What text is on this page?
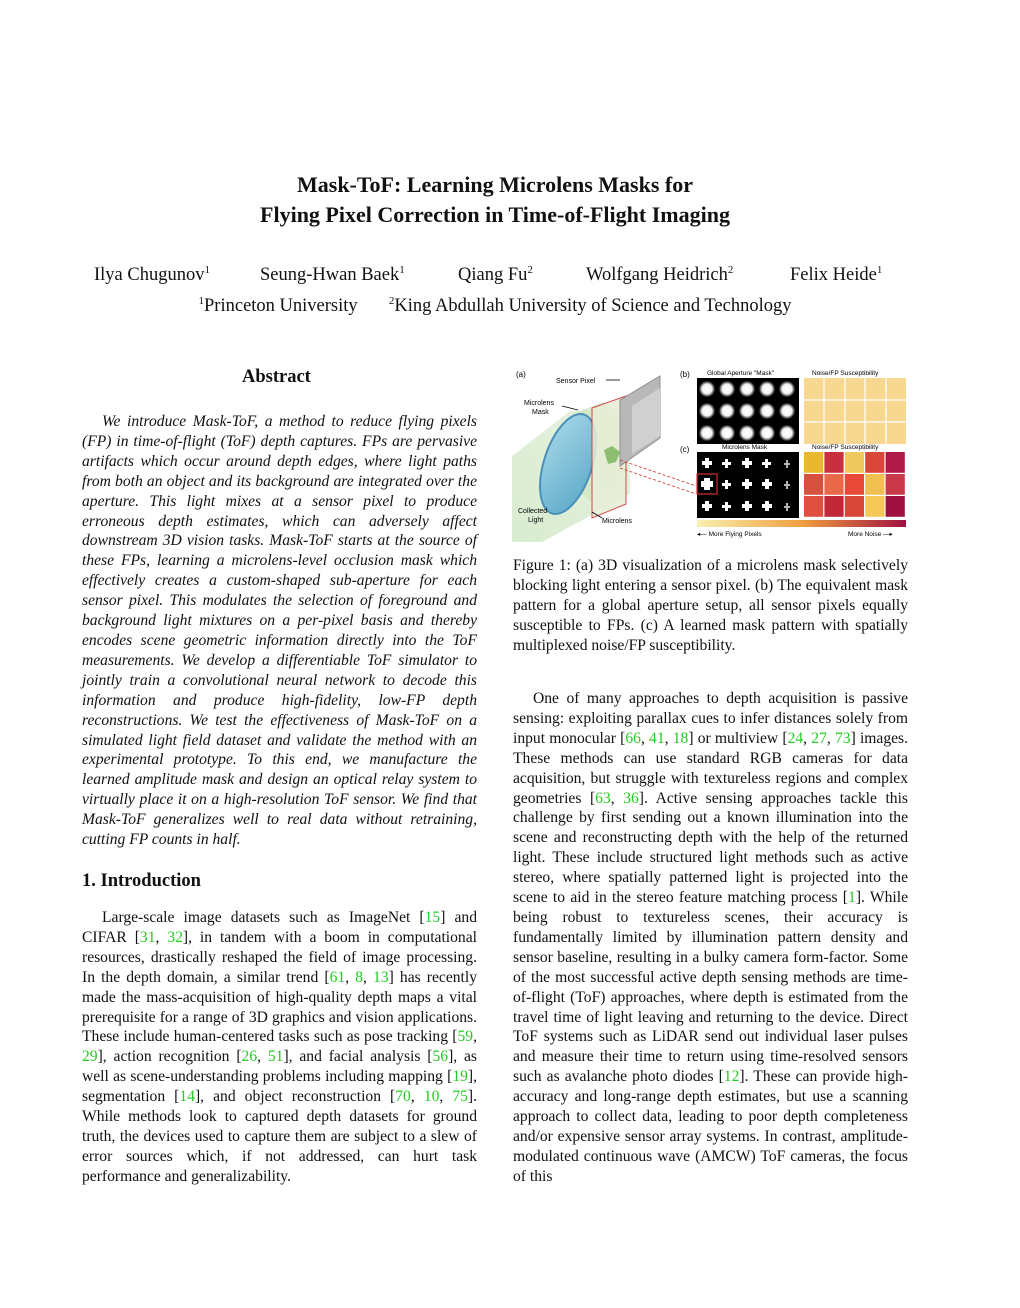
Mask-ToF: Learning Microlens Masks for
Flying Pixel Correction in Time-of-Flight Imaging
Ilya Chugunov$^1$	Seung-Hwan Baek$^1$	Qiang Fu$^2$	Wolfgang Heidrich$^2$	Felix Heide$^1$
$^1$Princeton University	$^2$King Abdullah University of Science and Technology
Abstract

We introduce Mask-ToF, a method to reduce flying pixels (FP) in time-of-flight (ToF) depth captures. FPs are pervasive artifacts which occur around depth edges, where light paths from both an object and its background are integrated over the aperture. This light mixes at a sensor pixel to produce erroneous depth estimates, which can adversely affect downstream 3D vision tasks. Mask-ToF starts at the source of these FPs, learning a microlens-level occlusion mask which effectively creates a custom-shaped sub-aperture for each sensor pixel. This modulates the selection of foreground and background light mixtures on a per-pixel basis and thereby encodes scene geometric information directly into the ToF measurements. We develop a differentiable ToF simulator to jointly train a convolutional neural network to decode this information and produce high-fidelity, low-FP depth reconstructions. We test the effectiveness of Mask-ToF on a simulated light field dataset and validate the method with an experimental prototype. To this end, we manufacture the learned amplitude mask and design an optical relay system to virtually place it on a high-resolution ToF sensor. We find that Mask-ToF generalizes well to real data without retraining, cutting FP counts in half.

1. Introduction

Large-scale image datasets such as ImageNet [15] and CIFAR [31, 32], in tandem with a boom in computational resources, drastically reshaped the field of image processing. In the depth domain, a similar trend [61, 8, 13] has recently made the mass-acquisition of high-quality depth maps a vital prerequisite for a range of 3D graphics and vision applications. These include human-centered tasks such as pose tracking [59, 29], action recognition [26, 51], and facial analysis [56], as well as scene-understanding problems including mapping [19], segmentation [14], and object reconstruction [70, 10, 75]. While methods look to captured depth datasets for ground truth, the devices used to capture them are subject to a slew of error sources which, if not addressed, can hurt task performance and generalizability.

(a)
Sensor Pixel
Microlens
Mask
Collected
Light	Microlens
(b)	Global Aperture "Mask"	Noise/FP Susceptibility
(c)	Microlens Mask	Noise/FP Susceptibility
◂— More Flying Pixels	More Noise —▸
Figure 1: (a) 3D visualization of a microlens mask selectively blocking light entering a sensor pixel. (b) The equivalent mask pattern for a global aperture setup, all sensor pixels equally susceptible to FPs. (c) A learned mask pattern with spatially multiplexed noise/FP susceptibility.

One of many approaches to depth acquisition is passive sensing: exploiting parallax cues to infer distances solely from input monocular [66, 41, 18] or multiview [24, 27, 73] images. These methods can use standard RGB cameras for data acquisition, but struggle with textureless regions and complex geometries [63, 36]. Active sensing approaches tackle this challenge by first sending out a known illumination into the scene and reconstructing depth with the help of the returned light. These include structured light methods such as active stereo, where spatially patterned light is projected into the scene to aid in the stereo feature matching process [1]. While being robust to textureless scenes, their accuracy is fundamentally limited by illumination pattern density and sensor baseline, resulting in a bulky camera form-factor. Some of the most successful active depth sensing methods are time-of-flight (ToF) approaches, where depth is estimated from the travel time of light leaving and returning to the device. Direct ToF systems such as LiDAR send out individual laser pulses and measure their time to return using time-resolved sensors such as avalanche photo diodes [12]. These can provide high-accuracy and long-range depth estimates, but use a scanning approach to collect data, leading to poor depth completeness and/or expensive sensor array systems. In contrast, amplitude-modulated continuous wave (AMCW) ToF cameras, the focus of this
